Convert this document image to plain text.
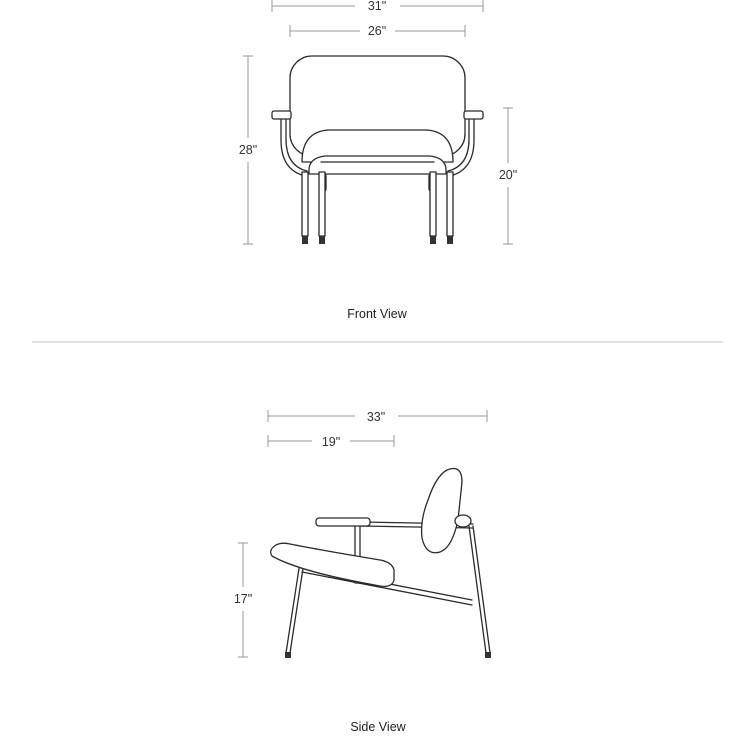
31"
26"
28"
20"
Front View
33"
19"
17"
Side View
